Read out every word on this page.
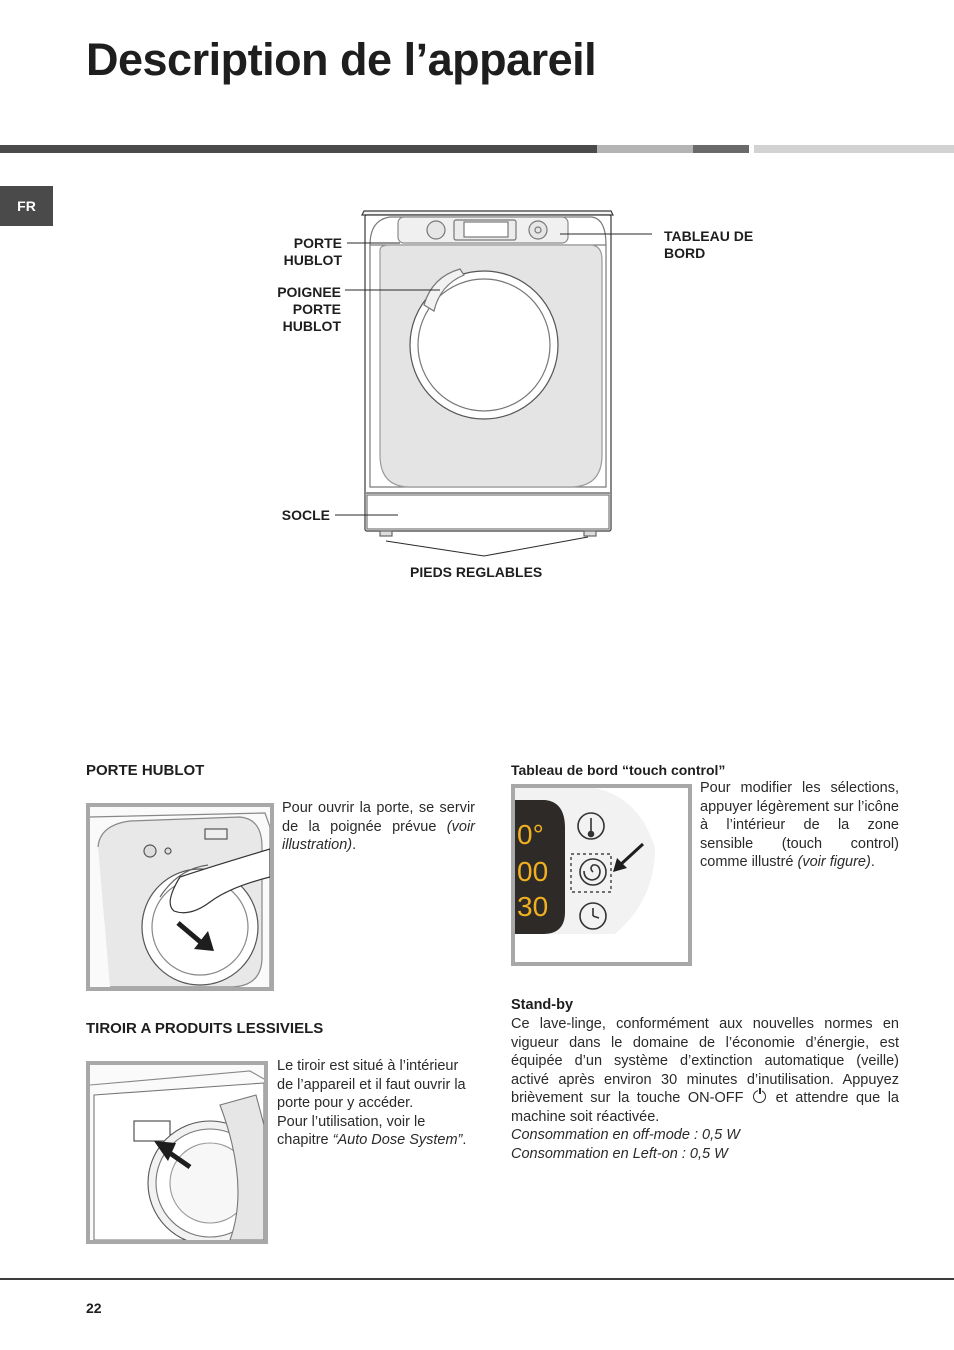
Description de l’appareil
FR
PORTE
HUBLOT
POIGNEE
PORTE
HUBLOT
SOCLE
TABLEAU DE
BORD
PIEDS REGLABLES
PORTE HUBLOT
Pour ouvrir la porte, se servir de la poignée prévue (voir illustration).
TIROIR A PRODUITS LESSIVIELS

Le tiroir est situé à l’intérieur de l’appareil et il faut ouvrir la porte pour y accéder.

Pour l’utilisation, voir le chapitre “Auto Dose System”.

Tableau de bord “touch control”
0°
00
30
Pour modifier les sélections, appuyer légèrement sur l’icône à l’intérieur de la zone sensible (touch control) comme illustré (voir figure).
Stand-by

Ce lave-linge, conformément aux nouvelles normes en vigueur dans le domaine de l’économie d’énergie, est équipée d’un système d’extinction automatique (veille) activé après environ 30 minutes d’inutilisation. Appuyez brièvement sur la touche ON-OFF  et attendre que la machine soit réactivée.

Consommation en off-mode : 0,5 W

Consommation en Left-on : 0,5 W

22
